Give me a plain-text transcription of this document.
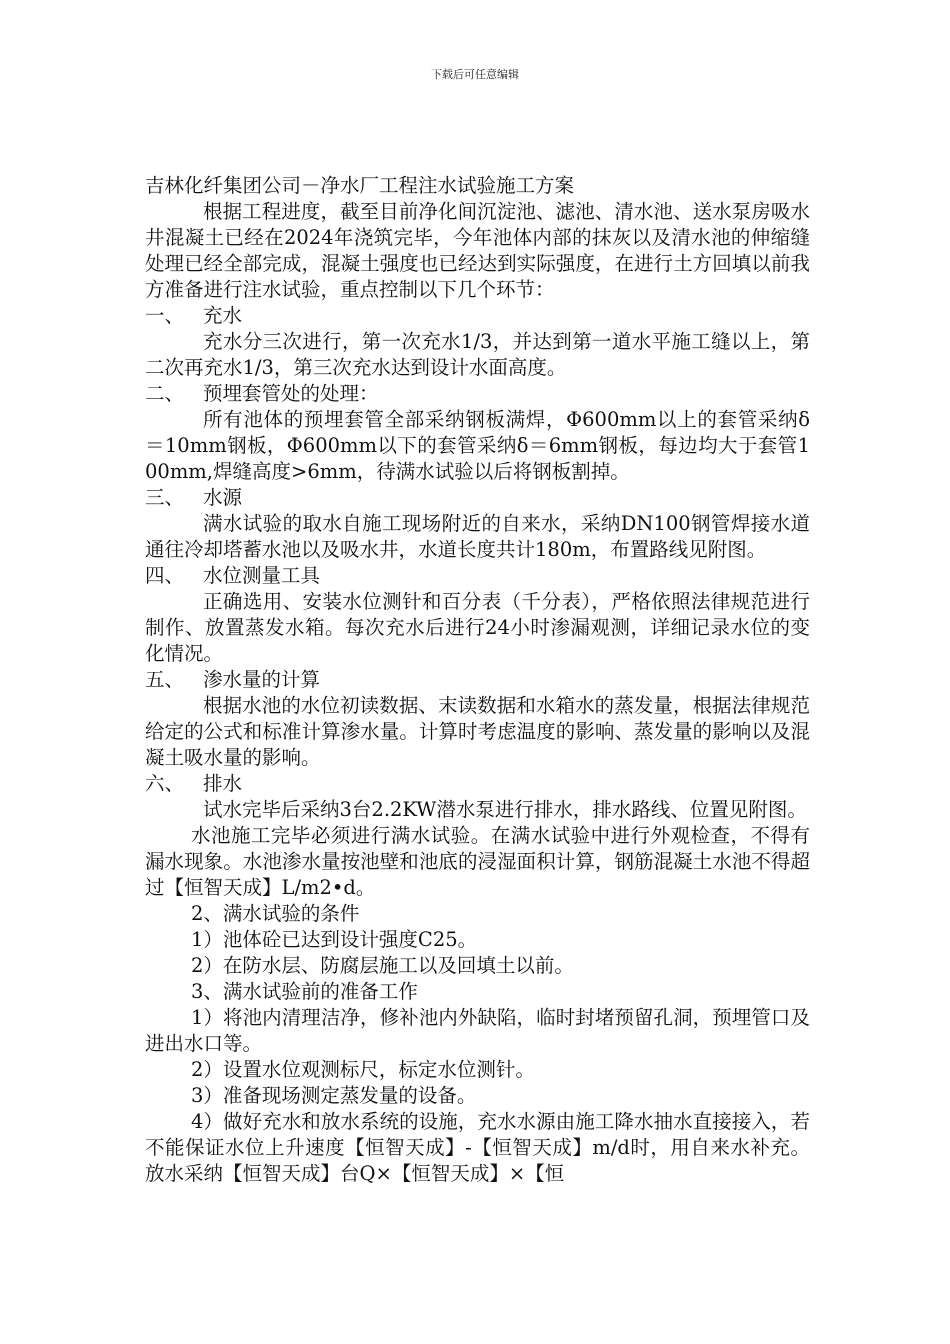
下载后可任意编辑

吉林化纤集团公司－净水厂工程注水试验施工方案

根据工程进度，截至目前净化间沉淀池、滤池、清水池、送水泵房吸水井混凝土已经在2024年浇筑完毕，今年池体内部的抹灰以及清水池的伸缩缝处理已经全部完成，混凝土强度也已经达到实际强度，在进行土方回填以前我方准备进行注水试验，重点控制以下几个环节：

一、 充水

充水分三次进行，第一次充水1/3，并达到第一道水平施工缝以上，第二次再充水1/3，第三次充水达到设计水面高度。

二、 预埋套管处的处理：

所有池体的预埋套管全部采纳钢板满焊，Φ600mm以上的套管采纳δ＝10mm钢板，Φ600mm以下的套管采纳δ＝6mm钢板，每边均大于套管100mm,焊缝高度>6mm，待满水试验以后将钢板割掉。

三、 水源

满水试验的取水自施工现场附近的自来水，采纳DN100钢管焊接水道通往冷却塔蓄水池以及吸水井，水道长度共计180m，布置路线见附图。

四、 水位测量工具

正确选用、安装水位测针和百分表（千分表），严格依照法律规范进行制作、放置蒸发水箱。每次充水后进行24小时渗漏观测，详细记录水位的变化情况。

五、 渗水量的计算

根据水池的水位初读数据、末读数据和水箱水的蒸发量，根据法律规范给定的公式和标准计算渗水量。计算时考虑温度的影响、蒸发量的影响以及混凝土吸水量的影响。

六、 排水

试水完毕后采纳3台2.2KW潜水泵进行排水，排水路线、位置见附图。

水池施工完毕必须进行满水试验。在满水试验中进行外观检查，不得有漏水现象。水池渗水量按池壁和池底的浸湿面积计算，钢筋混凝土水池不得超过【恒智天成】L/m2•d。

2、满水试验的条件

1）池体砼已达到设计强度C25。

2）在防水层、防腐层施工以及回填土以前。

3、满水试验前的准备工作

1）将池内清理洁净，修补池内外缺陷，临时封堵预留孔洞，预埋管口及进出水口等。

2）设置水位观测标尺，标定水位测针。

3）准备现场测定蒸发量的设备。

4）做好充水和放水系统的设施，充水水源由施工降水抽水直接接入，若不能保证水位上升速度【恒智天成】-【恒智天成】m/d时，用自来水补充。放水采纳【恒智天成】台Q×【恒智天成】×【恒
